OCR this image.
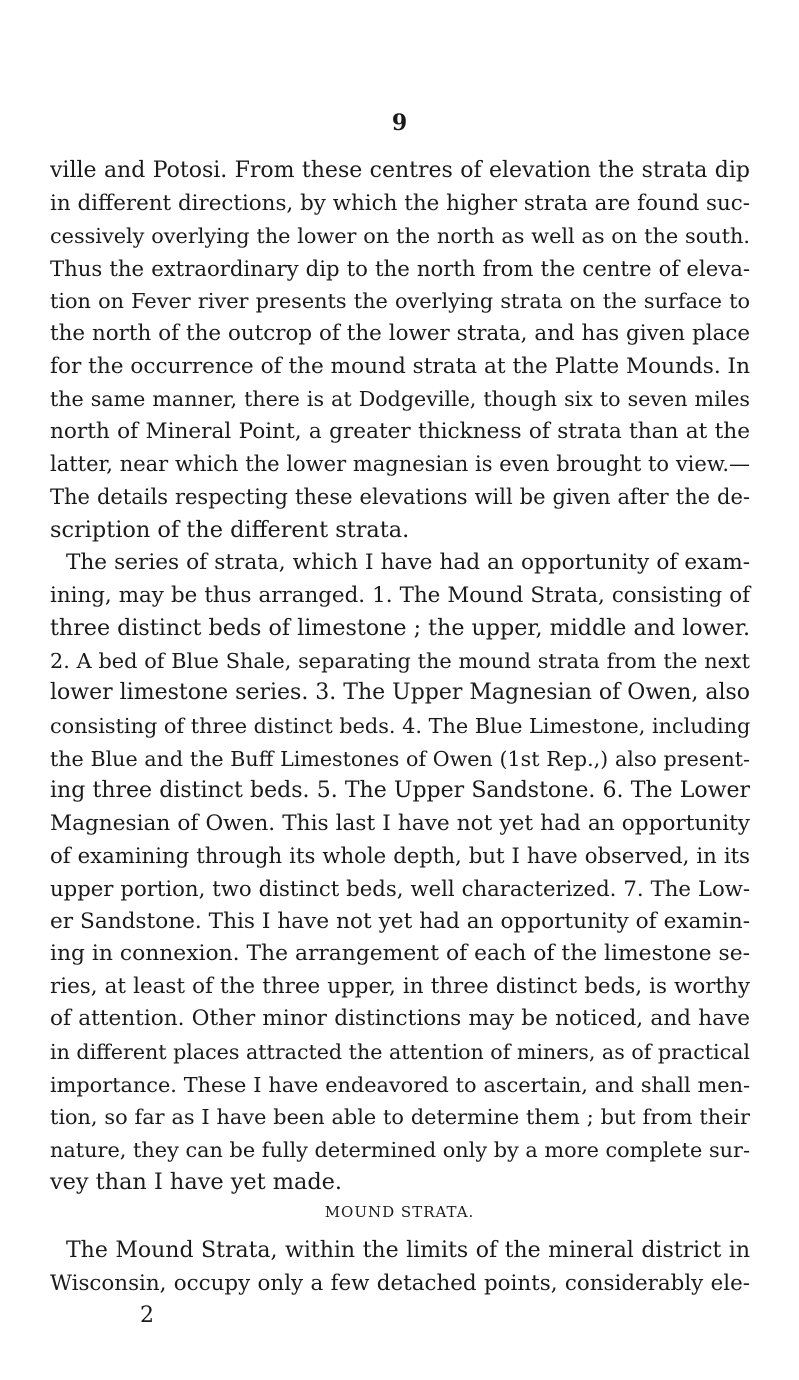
9
ville and Potosi. From these centres of elevation the strata dip
in different directions, by which the higher strata are found suc-
cessively overlying the lower on the north as well as on the south.
Thus the extraordinary dip to the north from the centre of eleva-
tion on Fever river presents the overlying strata on the surface to
the north of the outcrop of the lower strata, and has given place
for the occurrence of the mound strata at the Platte Mounds. In
the same manner, there is at Dodgeville, though six to seven miles
north of Mineral Point, a greater thickness of strata than at the
latter, near which the lower magnesian is even brought to view.—
The details respecting these elevations will be given after the de-
scription of the different strata.
The series of strata, which I have had an opportunity of exam-
ining, may be thus arranged. 1. The Mound Strata, consisting of
three distinct beds of limestone ; the upper, middle and lower.
2. A bed of Blue Shale, separating the mound strata from the next
lower limestone series. 3. The Upper Magnesian of Owen, also
consisting of three distinct beds. 4. The Blue Limestone, including
the Blue and the Buff Limestones of Owen (1st Rep.,) also present-
ing three distinct beds. 5. The Upper Sandstone. 6. The Lower
Magnesian of Owen. This last I have not yet had an opportunity
of examining through its whole depth, but I have observed, in its
upper portion, two distinct beds, well characterized. 7. The Low-
er Sandstone. This I have not yet had an opportunity of examin-
ing in connexion. The arrangement of each of the limestone se-
ries, at least of the three upper, in three distinct beds, is worthy
of attention. Other minor distinctions may be noticed, and have
in different places attracted the attention of miners, as of practical
importance. These I have endeavored to ascertain, and shall men-
tion, so far as I have been able to determine them ; but from their
nature, they can be fully determined only by a more complete sur-
vey than I have yet made.
MOUND STRATA.
The Mound Strata, within the limits of the mineral district in
Wisconsin, occupy only a few detached points, considerably ele-
2
